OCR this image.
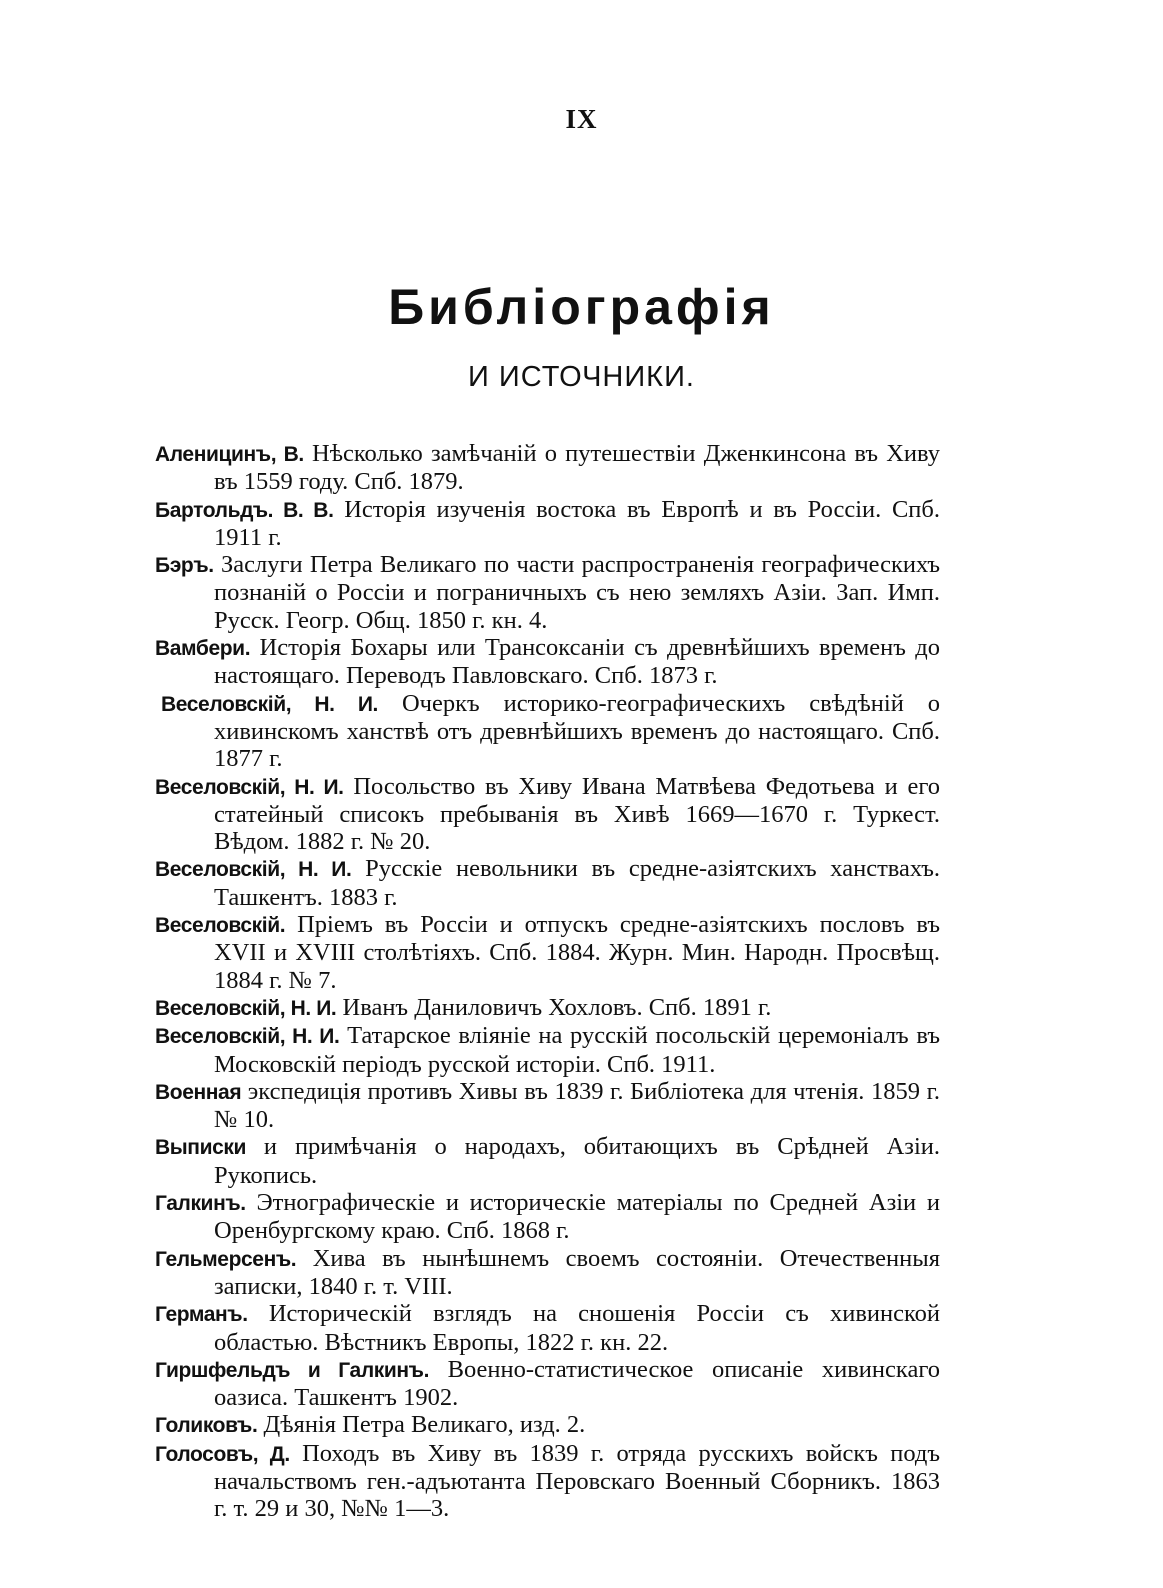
IX
Библіографія
И ИСТОЧНИКИ.
Аленицинъ, В. Нѣсколько замѣчаній о путешествіи Дженкинсона въ Хиву въ 1559 году. Спб. 1879.
Бартольдъ. В. В. Исторія изученія востока въ Европѣ и въ Россіи. Спб. 1911 г.
Бэръ. Заслуги Петра Великаго по части распространенія географическихъ познаній о Россіи и пограничныхъ съ нею земляхъ Азіи. Зап. Имп. Русск. Геогр. Общ. 1850 г. кн. 4.
Вамбери. Исторія Бохары или Трансоксаніи съ древнѣйшихъ временъ до настоящаго. Переводъ Павловскаго. Спб. 1873 г.
Веселовскій, Н. И. Очеркъ историко-географическихъ свѣдѣній о хивинскомъ ханствѣ отъ древнѣйшихъ временъ до настоящаго. Спб. 1877 г.
Веселовскій, Н. И. Посольство въ Хиву Ивана Матвѣева Федотьева и его статейный списокъ пребыванія въ Хивѣ 1669—1670 г. Туркест. Вѣдом. 1882 г. № 20.
Веселовскій, Н. И. Русскіе невольники въ средне-азіятскихъ ханствахъ. Ташкентъ. 1883 г.
Веселовскій. Пріемъ въ Россіи и отпускъ средне-азіятскихъ пословъ въ XVII и XVIII столѣтіяхъ. Спб. 1884. Журн. Мин. Народн. Просвѣщ. 1884 г. № 7.
Веселовскій, Н. И. Иванъ Даниловичъ Хохловъ. Спб. 1891 г.
Веселовскій, Н. И. Татарское вліяніе на русскій посольскій церемоніалъ въ Московскій періодъ русской исторіи. Спб. 1911.
Военная экспедиція противъ Хивы въ 1839 г. Библіотека для чтенія. 1859 г. № 10.
Выписки и примѣчанія о народахъ, обитающихъ въ Срѣдней Азіи. Рукопись.
Галкинъ. Этнографическіе и историческіе матеріалы по Средней Азіи и Оренбургскому краю. Спб. 1868 г.
Гельмерсенъ. Хива въ нынѣшнемъ своемъ состояніи. Отечественныя записки, 1840 г. т. VIII.
Германъ. Историческій взглядъ на сношенія Россіи съ хивинской областью. Вѣстникъ Европы, 1822 г. кн. 22.
Гиршфельдъ и Галкинъ. Военно-статистическое описаніе хивинскаго оазиса. Ташкентъ 1902.
Голиковъ. Дѣянія Петра Великаго, изд. 2.
Голосовъ, Д. Походъ въ Хиву въ 1839 г. отряда русскихъ войскъ подъ начальствомъ ген.-адъютанта Перовскаго Военный Сборникъ. 1863 г. т. 29 и 30, №№ 1—3.
